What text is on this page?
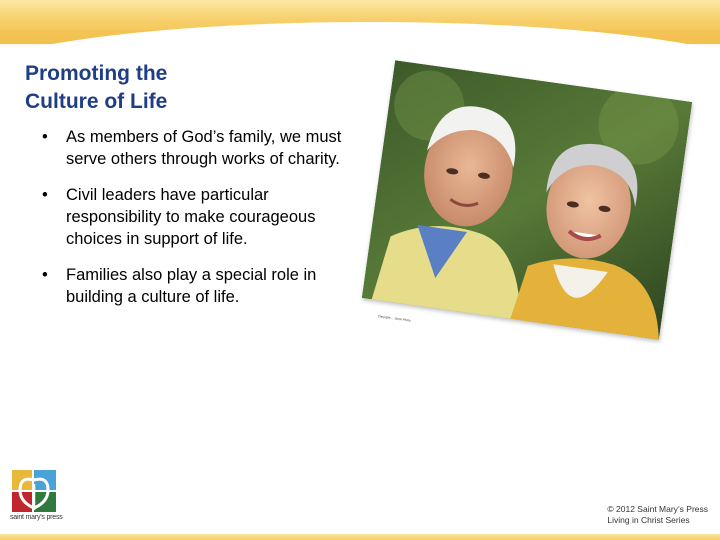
Promoting the
Culture of Life
• As members of God’s family, we must serve others through works of charity.
• Civil leaders have particular responsibility to make courageous choices in support of life.
• Families also play a special role in building a culture of life.
Copyright ... Stock Photo
saint mary's press
© 2012 Saint Mary’s Press
Living in Christ Series
